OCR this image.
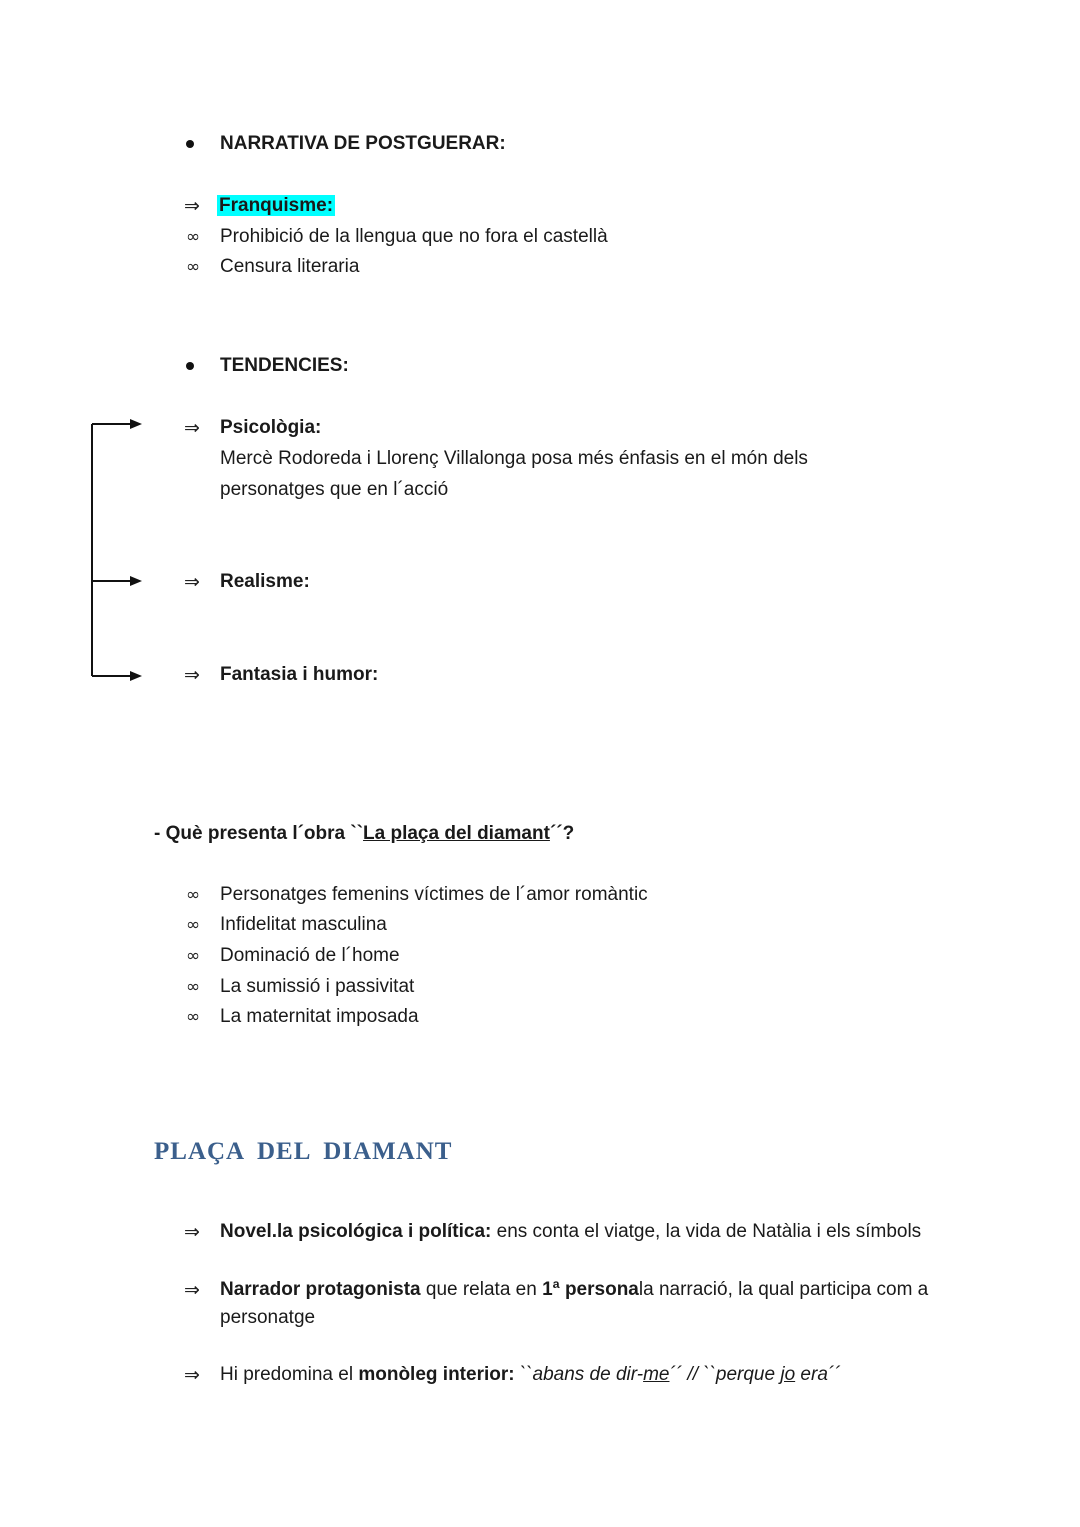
NARRATIVA DE POSTGUERAR:
⇒ Franquisme:
∞ Prohibició de la llengua que no fora el castellà
∞ Censura literaria
TENDENCIES:
⇒ Psicològia:
Mercè Rodoreda i Llorenç Villalonga posa més énfasis en el món dels
personatges que en l´acció
⇒ Realisme:
⇒ Fantasia i humor:
- Què presenta l´obra ``La plaça del diamant´´?
∞ Personatges femenins víctimes de l´amor romàntic
∞ Infidelitat masculina
∞ Dominació de l´home
∞ La sumissió i passivitat
∞ La maternitat imposada
PLAÇA DEL DIAMANT
⇒ Novel.la psicológica i política: ens conta el viatge, la vida de Natàlia i els símbols
⇒ Narrador protagonista que relata en 1ª personala narració, la qual participa com a
personatge
⇒ Hi predomina el monòleg interior: ``abans de dir-me´´ // ``perque jo era´´
